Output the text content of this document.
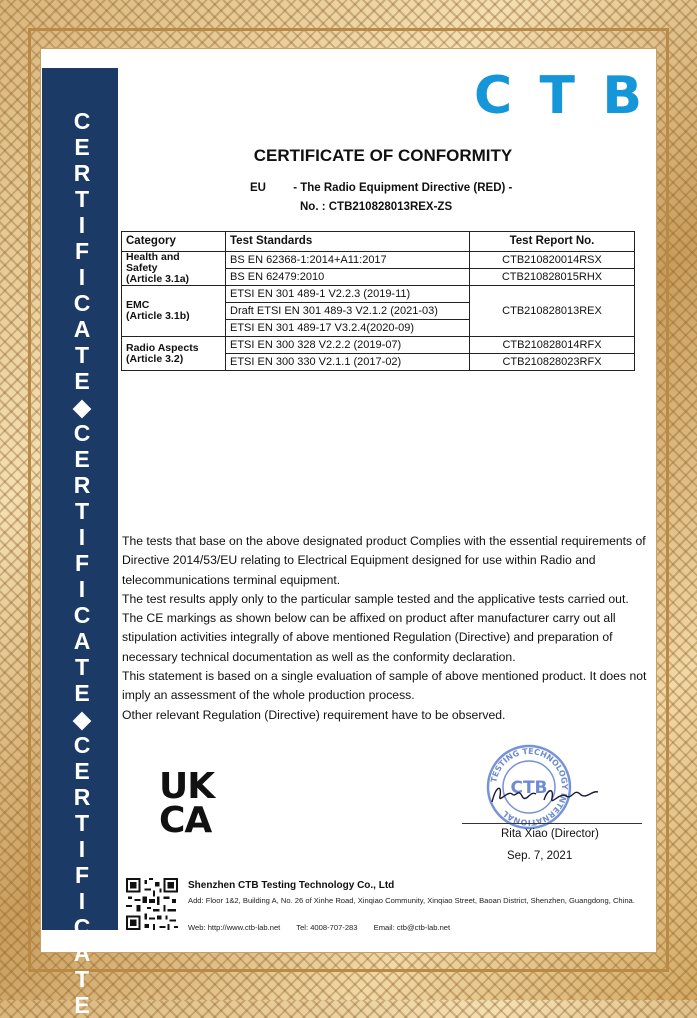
C
E
R
T
I
F
I
C
A
T
E
◆
C
E
R
T
I
F
I
C
A
T
E
◆
C
E
R
T
I
F
I
C
A
T
E
C T B
CERTIFICATE OF CONFORMITY
EU - The Radio Equipment Directive (RED) -
No. : CTB210828013REX-ZS
Category	Test Standards	Test Report No.

Health and
Safety
(Article 3.1a)	BS EN 62368-1:2014+A11:2017	CTB210820014RSX
	BS EN 62479:2010	CTB210828015RHX

EMC
(Article 3.1b)	ETSI EN 301 489-1 V2.2.3 (2019-11)	CTB210828013REX
	Draft ETSI EN 301 489-3 V2.1.2 (2021-03)	
	ETSI EN 301 489-17 V3.2.4(2020-09)	

Radio Aspects
(Article 3.2)	ETSI EN 300 328 V2.2.2 (2019-07)	CTB210828014RFX
	ETSI EN 300 330 V2.1.1 (2017-02)	CTB210828023RFX
The tests that base on the above designated product Complies with the essential requirements of Directive 2014/53/EU relating to Electrical Equipment designed for use within Radio and telecommunications terminal equipment.
The test results apply only to the particular sample tested and the applicative tests carried out.
The CE markings as shown below can be affixed on product after manufacturer carry out all stipulation activities integrally of above mentioned Regulation (Directive) and preparation of necessary technical documentation as well as the conformity declaration.
This statement is based on a single evaluation of sample of above mentioned product. It does not imply an assessment of the whole production process.
Other relevant Regulation (Directive) requirement have to be observed.
UK
CA
TESTING TECHNOLOGY INTERNATIONAL
CTB
Rita Xiao (Director)
Sep. 7, 2021
Shenzhen CTB Testing Technology Co., Ltd
Add: Floor 1&2, Building A, No. 26 of Xinhe Road, Xinqiao Community, Xinqiao Street, Baoan District, Shenzhen, Guangdong, China.
Web: http://www.ctb-lab.net Tel: 4008-707-283 Email: ctb@ctb-lab.net
